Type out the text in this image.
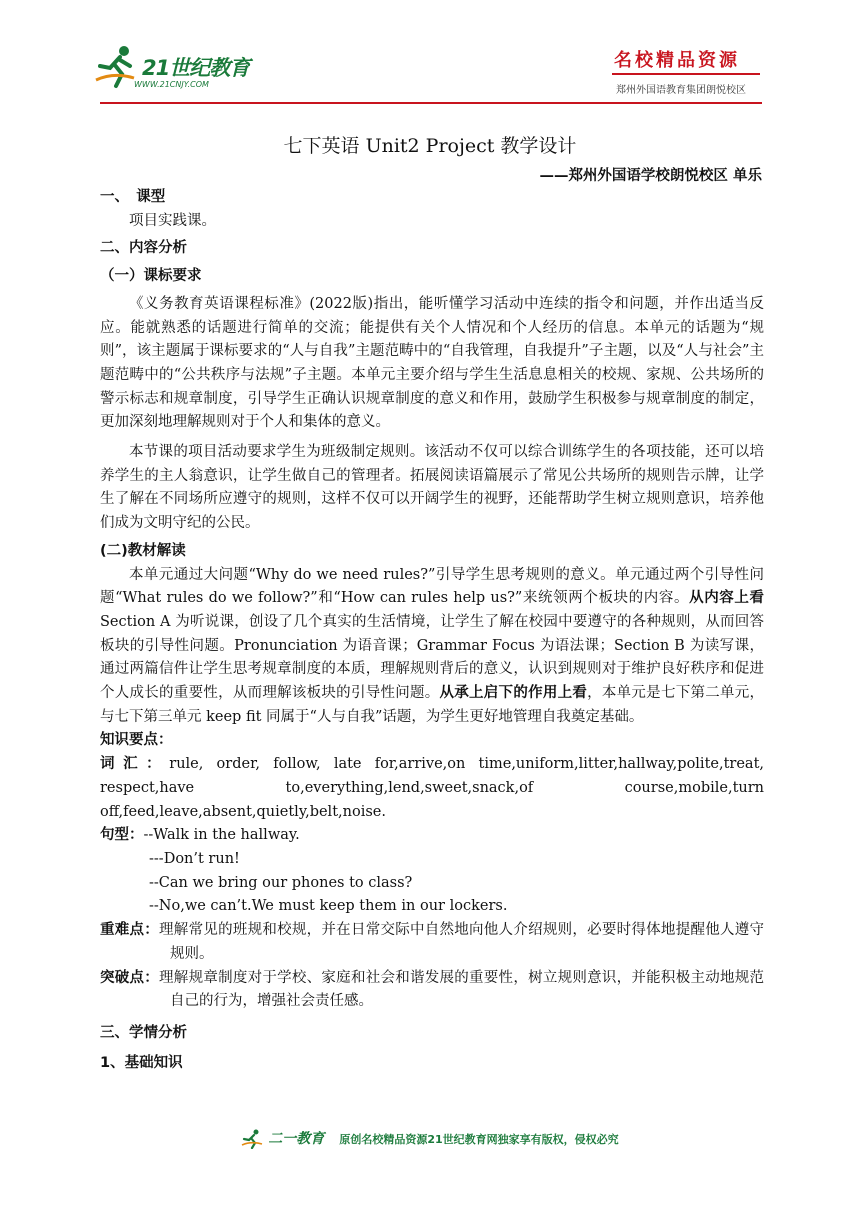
21世纪教育
WWW.21CNJY.COM
名校精品资源
郑州外国语教育集团朗悦校区
七下英语 Unit2 Project 教学设计
——郑州外国语学校朗悦校区 单乐
一、　课型
项目实践课。
二、内容分析
（一）课标要求

《义务教育英语课程标准》(2022版)指出，能听懂学习活动中连续的指令和问题，并作出适当反应。能就熟悉的话题进行简单的交流；能提供有关个人情况和个人经历的信息。本单元的话题为“规则”，该主题属于课标要求的“人与自我”主题范畴中的“自我管理，自我提升”子主题，以及“人与社会”主题范畴中的“公共秩序与法规”子主题。本单元主要介绍与学生生活息息相关的校规、家规、公共场所的警示标志和规章制度，引导学生正确认识规章制度的意义和作用，鼓励学生积极参与规章制度的制定，更加深刻地理解规则对于个人和集体的意义。

本节课的项目活动要求学生为班级制定规则。该活动不仅可以综合训练学生的各项技能，还可以培养学生的主人翁意识，让学生做自己的管理者。拓展阅读语篇展示了常见公共场所的规则告示牌，让学生了解在不同场所应遵守的规则，这样不仅可以开阔学生的视野，还能帮助学生树立规则意识，培养他们成为文明守纪的公民。

(二)教材解读

本单元通过大问题“Why do we need rules?”引导学生思考规则的意义。单元通过两个引导性问题“What rules do we follow?”和“How can rules help us?”来统领两个板块的内容。从内容上看 Section A 为听说课，创设了几个真实的生活情境，让学生了解在校园中要遵守的各种规则，从而回答板块的引导性问题。Pronunciation 为语音课；Grammar Focus 为语法课；Section B 为读写课，通过两篇信件让学生思考规章制度的本质，理解规则背后的意义，认识到规则对于维护良好秩序和促进个人成长的重要性，从而理解该板块的引导性问题。从承上启下的作用上看，本单元是七下第二单元，与七下第三单元 keep fit 同属于“人与自我”话题，为学生更好地管理自我奠定基础。

知识要点：
词汇：rule, order, follow, late for,arrive,on time,uniform,litter,hallway,polite,treat, respect,have to,everything,lend,sweet,snack,of course,mobile,turn off,feed,leave,absent,quietly,belt,noise.
句型：--Walk in the hallway.
---Don’t run!
--Can we bring our phones to class?
--No,we can’t.We must keep them in our lockers.
重难点：理解常见的班规和校规，并在日常交际中自然地向他人介绍规则，必要时得体地提醒他人遵守规则。
突破点：理解规章制度对于学校、家庭和社会和谐发展的重要性，树立规则意识，并能积极主动地规范自己的行为，增强社会责任感。
三、学情分析
1、基础知识
二一教育 原创名校精品资源21世纪教育网独家享有版权，侵权必究
